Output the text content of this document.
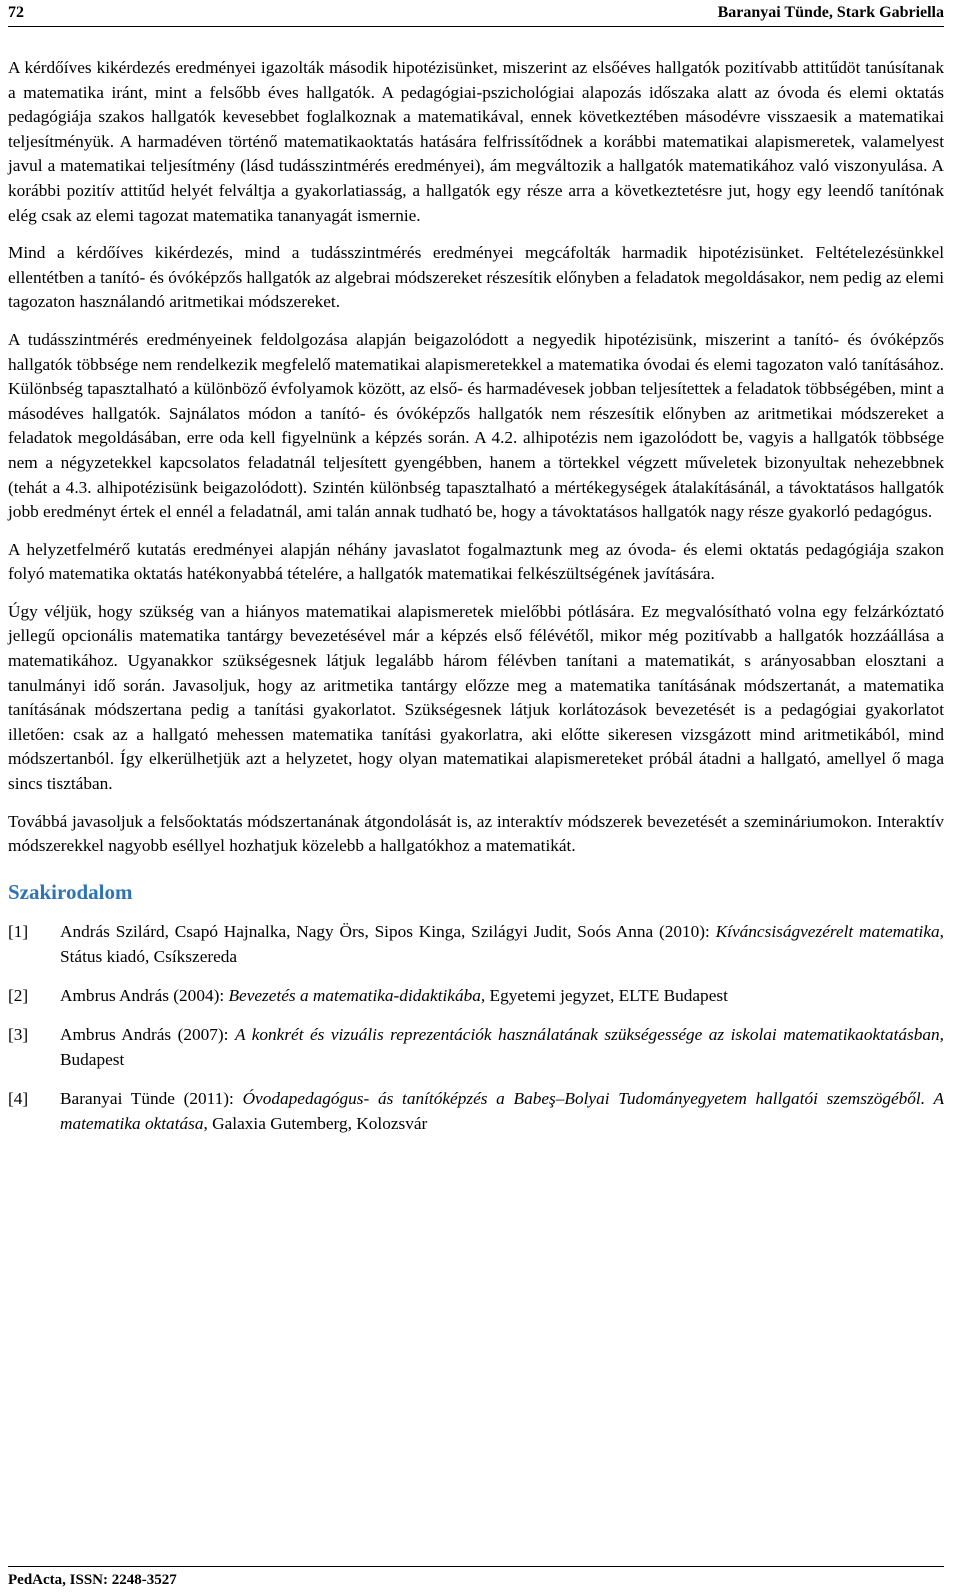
72	Baranyai Tünde, Stark Gabriella

A kérdőíves kikérdezés eredményei igazolták második hipotézisünket, miszerint az elsőéves hallgatók pozitívabb attitűdöt tanúsítanak a matematika iránt, mint a felsőbb éves hallgatók. A pedagógiai-pszichológiai alapozás időszaka alatt az óvoda és elemi oktatás pedagógiája szakos hallgatók kevesebbet foglalkoznak a matematikával, ennek következtében másodévre visszaesik a matematikai teljesítményük. A harmadéven történő matematikaoktatás hatására felfrissítődnek a korábbi matematikai alapismeretek, valamelyest javul a matematikai teljesítmény (lásd tudásszintmérés eredményei), ám megváltozik a hallgatók matematikához való viszonyulása. A korábbi pozitív attitűd helyét felváltja a gyakorlatiasság, a hallgatók egy része arra a következtetésre jut, hogy egy leendő tanítónak elég csak az elemi tagozat matematika tananyagát ismernie.

Mind a kérdőíves kikérdezés, mind a tudásszintmérés eredményei megcáfolták harmadik hipotézisünket. Feltételezésünkkel ellentétben a tanító- és óvóképzős hallgatók az algebrai módszereket részesítik előnyben a feladatok megoldásakor, nem pedig az elemi tagozaton használandó aritmetikai módszereket.

A tudásszintmérés eredményeinek feldolgozása alapján beigazolódott a negyedik hipotézisünk, miszerint a tanító- és óvóképzős hallgatók többsége nem rendelkezik megfelelő matematikai alapismeretekkel a matematika óvodai és elemi tagozaton való tanításához. Különbség tapasztalható a különböző évfolyamok között, az első- és harmadévesek jobban teljesítettek a feladatok többségében, mint a másodéves hallgatók. Sajnálatos módon a tanító- és óvóképzős hallgatók nem részesítik előnyben az aritmetikai módszereket a feladatok megoldásában, erre oda kell figyelnünk a képzés során. A 4.2. alhipotézis nem igazolódott be, vagyis a hallgatók többsége nem a négyzetekkel kapcsolatos feladatnál teljesített gyengébben, hanem a törtekkel végzett műveletek bizonyultak nehezebbnek (tehát a 4.3. alhipotézisünk beigazolódott). Szintén különbség tapasztalható a mértékegységek átalakításánál, a távoktatásos hallgatók jobb eredményt értek el ennél a feladatnál, ami talán annak tudható be, hogy a távoktatásos hallgatók nagy része gyakorló pedagógus.

A helyzetfelmérő kutatás eredményei alapján néhány javaslatot fogalmaztunk meg az óvoda- és elemi oktatás pedagógiája szakon folyó matematika oktatás hatékonyabbá tételére, a hallgatók matematikai felkészültségének javítására.

Úgy véljük, hogy szükség van a hiányos matematikai alapismeretek mielőbbi pótlására. Ez megvalósítható volna egy felzárkóztató jellegű opcionális matematika tantárgy bevezetésével már a képzés első félévétől, mikor még pozitívabb a hallgatók hozzáállása a matematikához. Ugyanakkor szükségesnek látjuk legalább három félévben tanítani a matematikát, s arányosabban elosztani a tanulmányi idő során. Javasoljuk, hogy az aritmetika tantárgy előzze meg a matematika tanításának módszertanát, a matematika tanításának módszertana pedig a tanítási gyakorlatot. Szükségesnek látjuk korlátozások bevezetését is a pedagógiai gyakorlatot illetően: csak az a hallgató mehessen matematika tanítási gyakorlatra, aki előtte sikeresen vizsgázott mind aritmetikából, mind módszertanból. Így elkerülhetjük azt a helyzetet, hogy olyan matematikai alapismereteket próbál átadni a hallgató, amellyel ő maga sincs tisztában.

Továbbá javasoljuk a felsőoktatás módszertanának átgondolását is, az interaktív módszerek bevezetését a szemináriumokon. Interaktív módszerekkel nagyobb eséllyel hozhatjuk közelebb a hallgatókhoz a matematikát.

Szakirodalom
[1]	András Szilárd, Csapó Hajnalka, Nagy Örs, Sipos Kinga, Szilágyi Judit, Soós Anna (2010): Kíváncsiságvezérelt matematika, Státus kiadó, Csíkszereda
[2]	Ambrus András (2004): Bevezetés a matematika-didaktikába, Egyetemi jegyzet, ELTE Budapest
[3]	Ambrus András (2007): A konkrét és vizuális reprezentációk használatának szükségessége az iskolai matematikaoktatásban, Budapest
[4]	Baranyai Tünde (2011): Óvodapedagógus- ás tanítóképzés a Babeş–Bolyai Tudományegyetem hallgatói szemszögéből. A matematika oktatása, Galaxia Gutemberg, Kolozsvár
PedActa, ISSN: 2248-3527
